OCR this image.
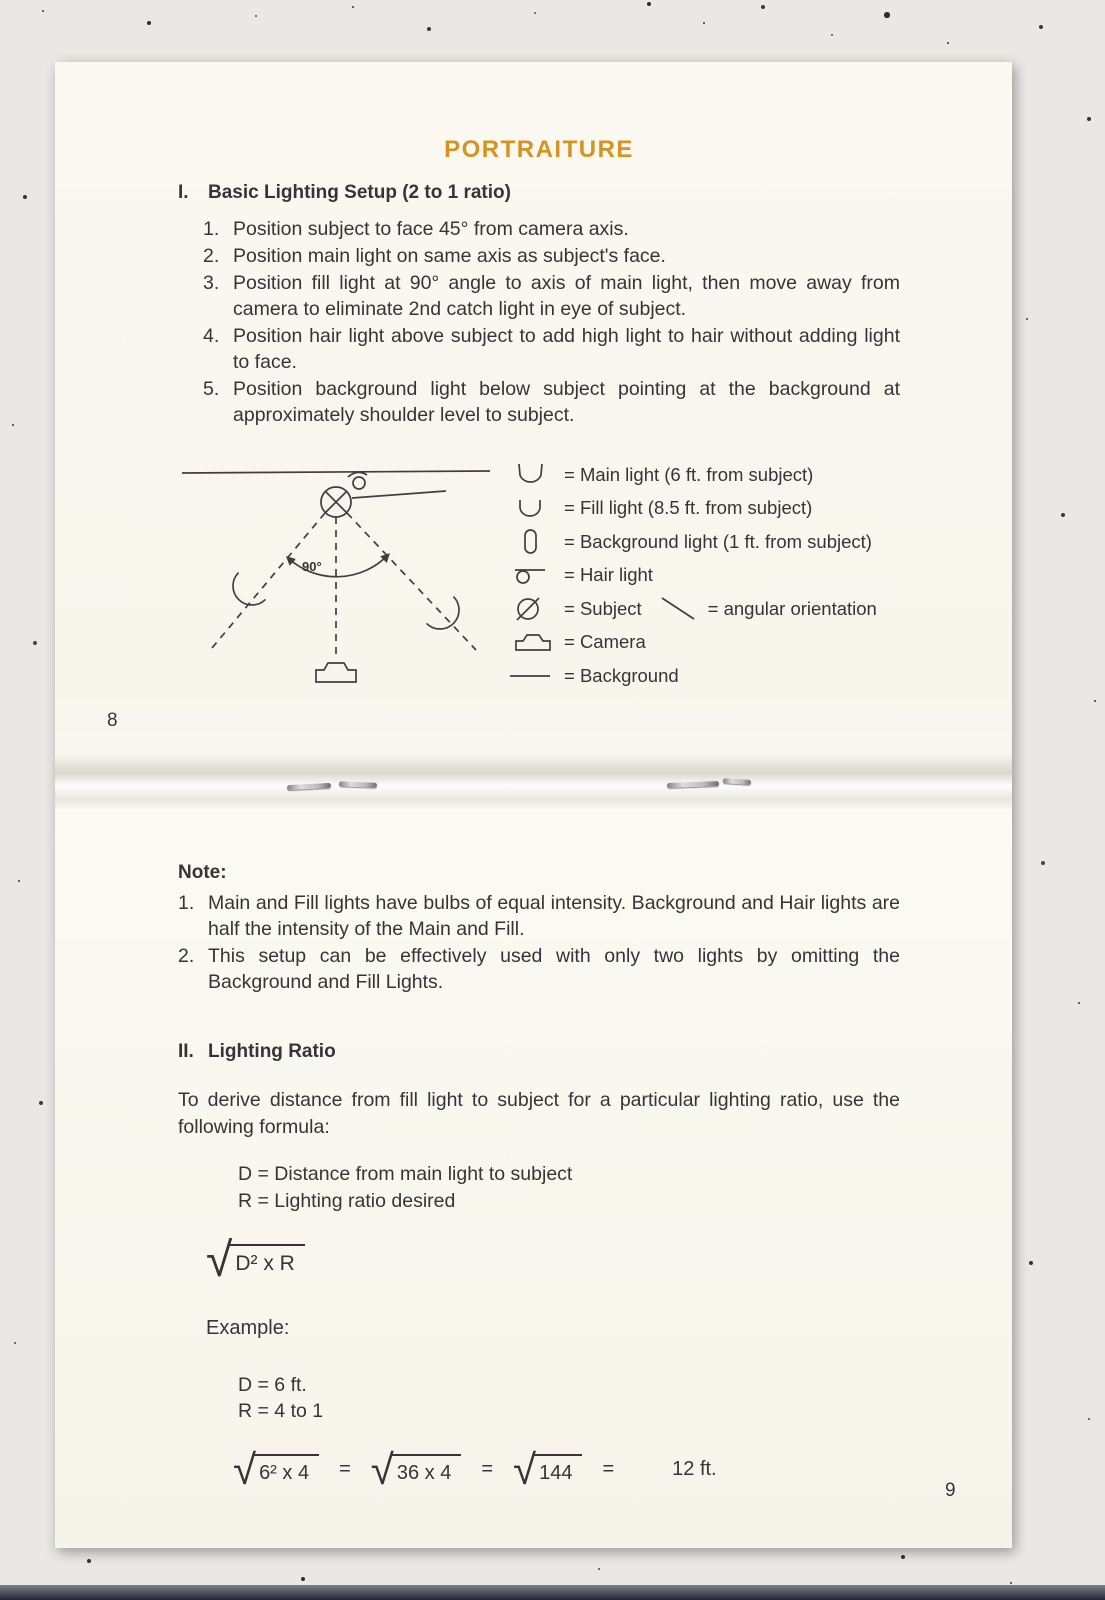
PORTRAITURE
I.	Basic Lighting Setup (2 to 1 ratio)
1. Position subject to face 45° from camera axis.
2. Position main light on same axis as subject's face.
3. Position fill light at 90° angle to axis of main light, then move away from camera to eliminate 2nd catch light in eye of subject.
4. Position hair light above subject to add high light to hair without adding light to face.
5. Position background light below subject pointing at the background at approximately shoulder level to subject.
90°
= Main light (6 ft. from subject)
= Fill light (8.5 ft. from subject)
= Background light (1 ft. from subject)
= Hair light
= Subject	= angular orientation
= Camera
= Background
8
Note:
1. Main and Fill lights have bulbs of equal intensity. Background and Hair lights are half the intensity of the Main and Fill.
2. This setup can be effectively used with only two lights by omitting the Background and Fill Lights.
II. Lighting Ratio

To derive distance from fill light to subject for a particular lighting ratio, use the following formula:

D = Distance from main light to subject
R = Lighting ratio desired
√ D² x R
Example:
D = 6 ft.
R = 4 to 1
√ 6² x 4	= √ 36 x 4	= √ 144	=	12 ft.
9
